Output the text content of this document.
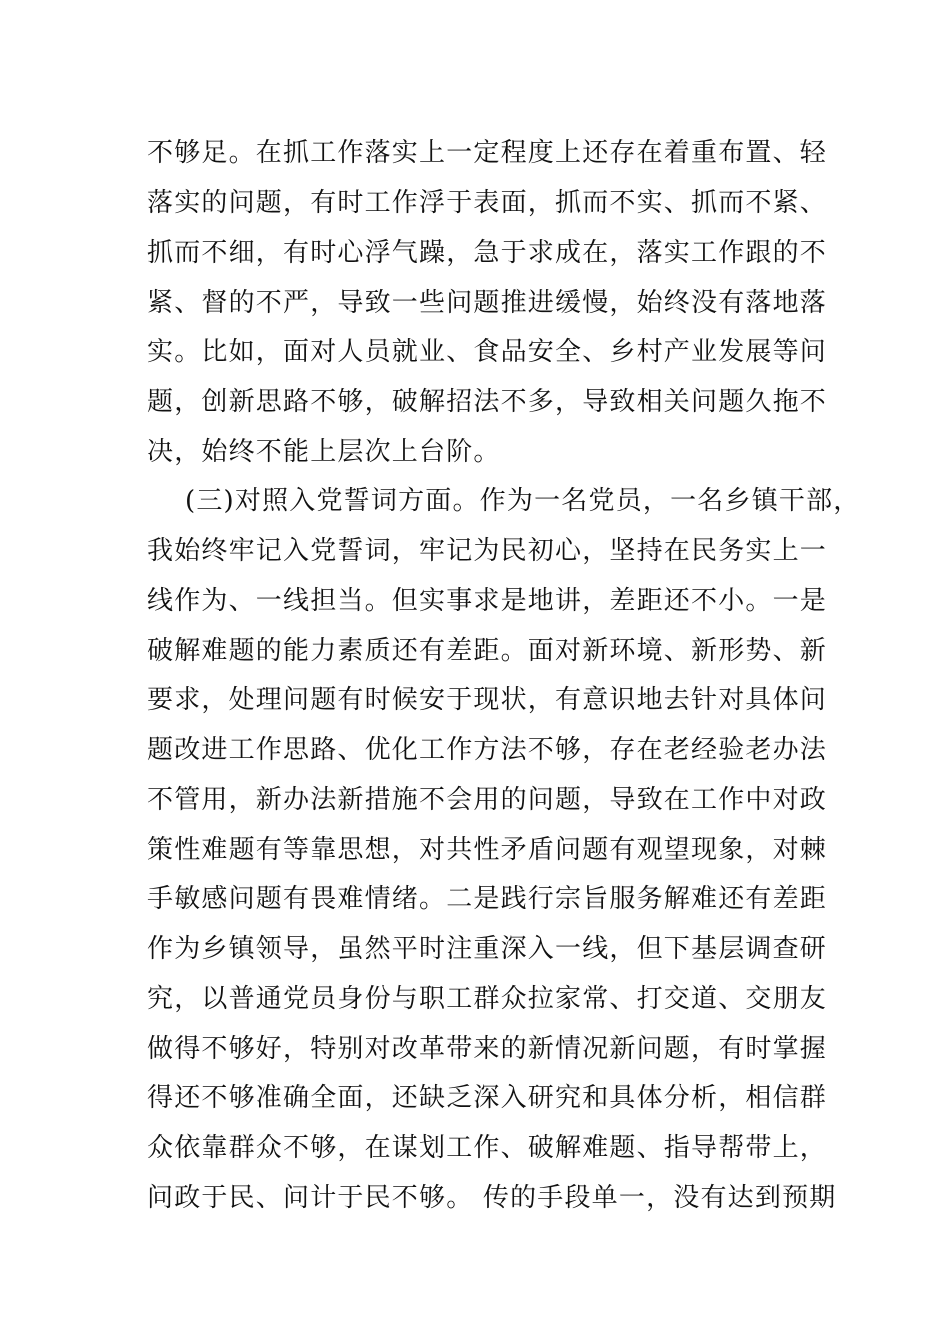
不够足。在抓工作落实上一定程度上还存在着重布置、轻
落实的问题，有时工作浮于表面，抓而不实、抓而不紧、
抓而不细，有时心浮气躁，急于求成在，落实工作跟的不
紧、督的不严，导致一些问题推进缓慢，始终没有落地落
实。比如，面对人员就业、食品安全、乡村产业发展等问
题，创新思路不够，破解招法不多，导致相关问题久拖不
决，始终不能上层次上台阶。
(三)对照入党誓词方面。作为一名党员，一名乡镇干部，
我始终牢记入党誓词，牢记为民初心，坚持在民务实上一
线作为、一线担当。但实事求是地讲，差距还不小。一是
破解难题的能力素质还有差距。面对新环境、新形势、新
要求，处理问题有时候安于现状，有意识地去针对具体问
题改进工作思路、优化工作方法不够，存在老经验老办法
不管用，新办法新措施不会用的问题，导致在工作中对政
策性难题有等靠思想，对共性矛盾问题有观望现象，对棘
手敏感问题有畏难情绪。二是践行宗旨服务解难还有差距
作为乡镇领导，虽然平时注重深入一线，但下基层调查研
究，以普通党员身份与职工群众拉家常、打交道、交朋友
做得不够好，特别对改革带来的新情况新问题，有时掌握
得还不够准确全面，还缺乏深入研究和具体分析，相信群
众依靠群众不够，在谋划工作、破解难题、指导帮带上，
问政于民、问计于民不够。 传的手段单一，没有达到预期
